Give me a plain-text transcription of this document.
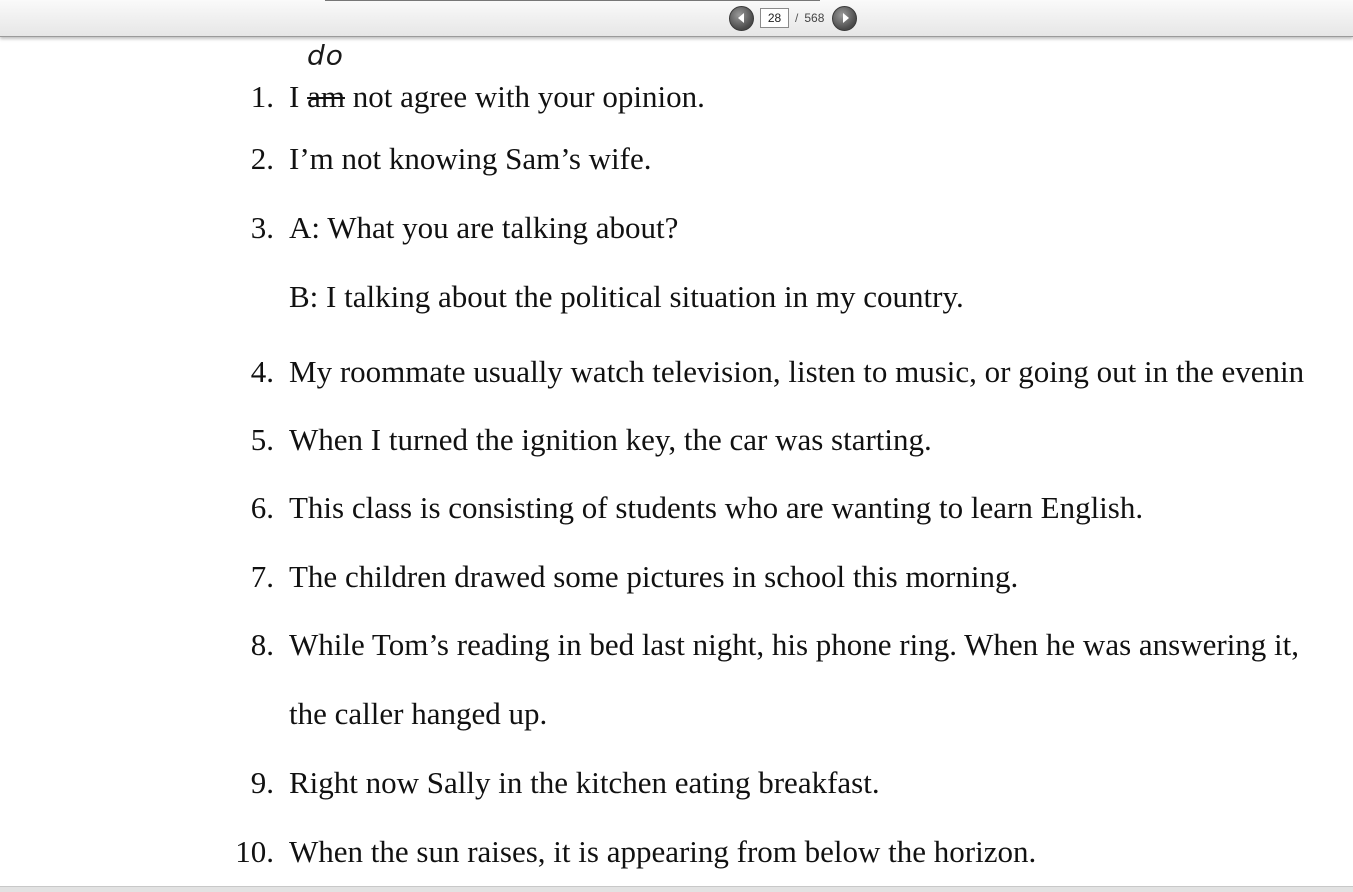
28
/ 568
do
1. I am not agree with your opinion.
2. I’m not knowing Sam’s wife.
3. A: What you are talking about?
B: I talking about the political situation in my country.
4. My roommate usually watch television, listen to music, or going out in the evenin
5. When I turned the ignition key, the car was starting.
6. This class is consisting of students who are wanting to learn English.
7. The children drawed some pictures in school this morning.
8. While Tom’s reading in bed last night, his phone ring. When he was answering it,
the caller hanged up.
9. Right now Sally in the kitchen eating breakfast.
10. When the sun raises, it is appearing from below the horizon.
